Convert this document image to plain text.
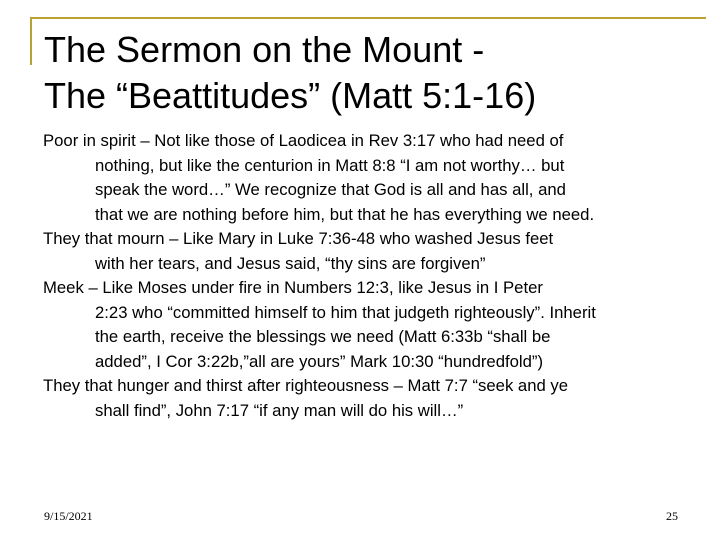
The Sermon on the Mount -
The “Beattitudes” (Matt 5:1-16)

Poor in spirit – Not like those of Laodicea in Rev 3:17 who had need of
nothing, but like the centurion in Matt 8:8 “I am not worthy… but
speak the word…” We recognize that God is all and has all, and
that we are nothing before him, but that he has everything we need.

They that mourn – Like Mary in Luke 7:36-48 who washed Jesus feet
with her tears, and Jesus said, “thy sins are forgiven”

Meek – Like Moses under fire in Numbers 12:3, like Jesus in I Peter
2:23 who “committed himself to him that judgeth righteously”. Inherit
the earth, receive the blessings we need (Matt 6:33b “shall be
added”, I Cor 3:22b,”all are yours” Mark 10:30 “hundredfold”)

They that hunger and thirst after righteousness – Matt 7:7 “seek and ye
shall find”, John 7:17 “if any man will do his will…”

9/15/2021	25
